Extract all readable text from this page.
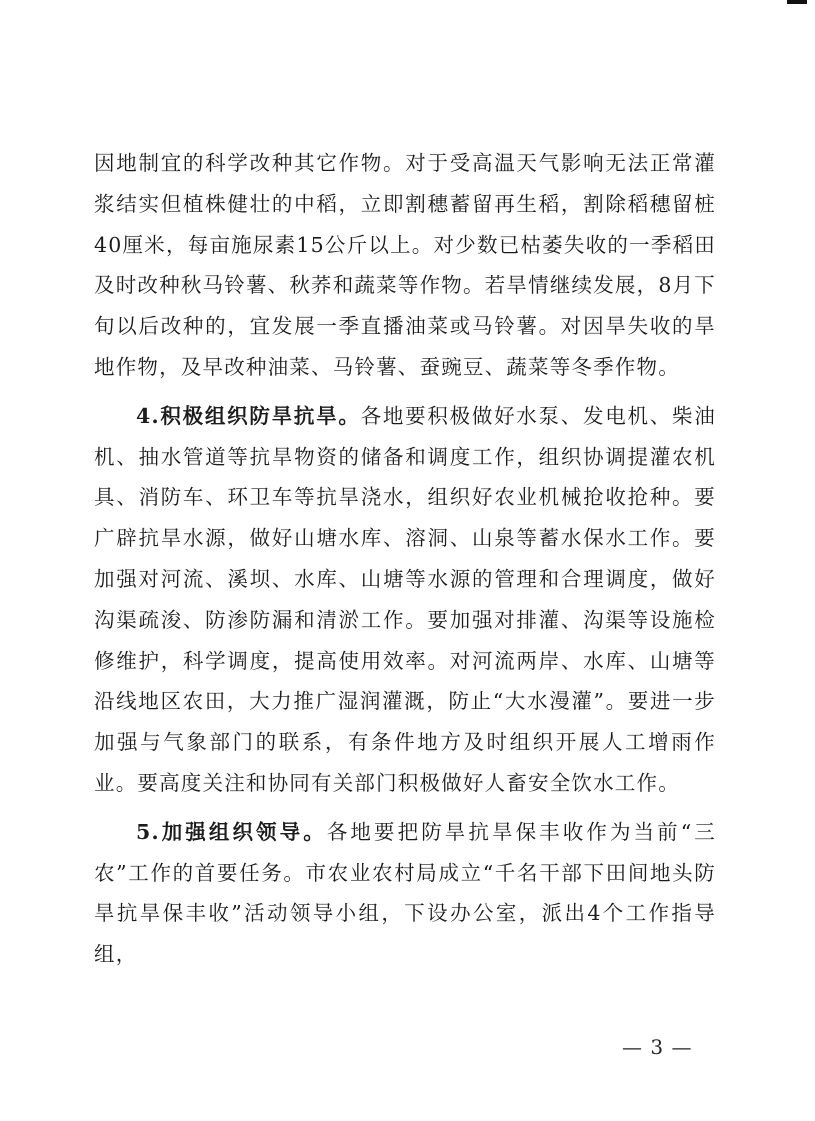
因地制宜的科学改种其它作物。对于受高温天气影响无法正常灌浆结实但植株健壮的中稻，立即割穗蓄留再生稻，割除稻穗留桩40厘米，每亩施尿素15公斤以上。对少数已枯萎失收的一季稻田及时改种秋马铃薯、秋荞和蔬菜等作物。若旱情继续发展，8月下旬以后改种的，宜发展一季直播油菜或马铃薯。对因旱失收的旱地作物，及早改种油菜、马铃薯、蚕豌豆、蔬菜等冬季作物。

4.积极组织防旱抗旱。各地要积极做好水泵、发电机、柴油机、抽水管道等抗旱物资的储备和调度工作，组织协调提灌农机具、消防车、环卫车等抗旱浇水，组织好农业机械抢收抢种。要广辟抗旱水源，做好山塘水库、溶洞、山泉等蓄水保水工作。要加强对河流、溪坝、水库、山塘等水源的管理和合理调度，做好沟渠疏浚、防渗防漏和清淤工作。要加强对排灌、沟渠等设施检修维护，科学调度，提高使用效率。对河流两岸、水库、山塘等沿线地区农田，大力推广湿润灌溉，防止“大水漫灌”。要进一步加强与气象部门的联系，有条件地方及时组织开展人工增雨作业。要高度关注和协同有关部门积极做好人畜安全饮水工作。

5.加强组织领导。各地要把防旱抗旱保丰收作为当前“三农”工作的首要任务。市农业农村局成立“千名干部下田间地头防旱抗旱保丰收”活动领导小组，下设办公室，派出4个工作指导组，

— 3 —
